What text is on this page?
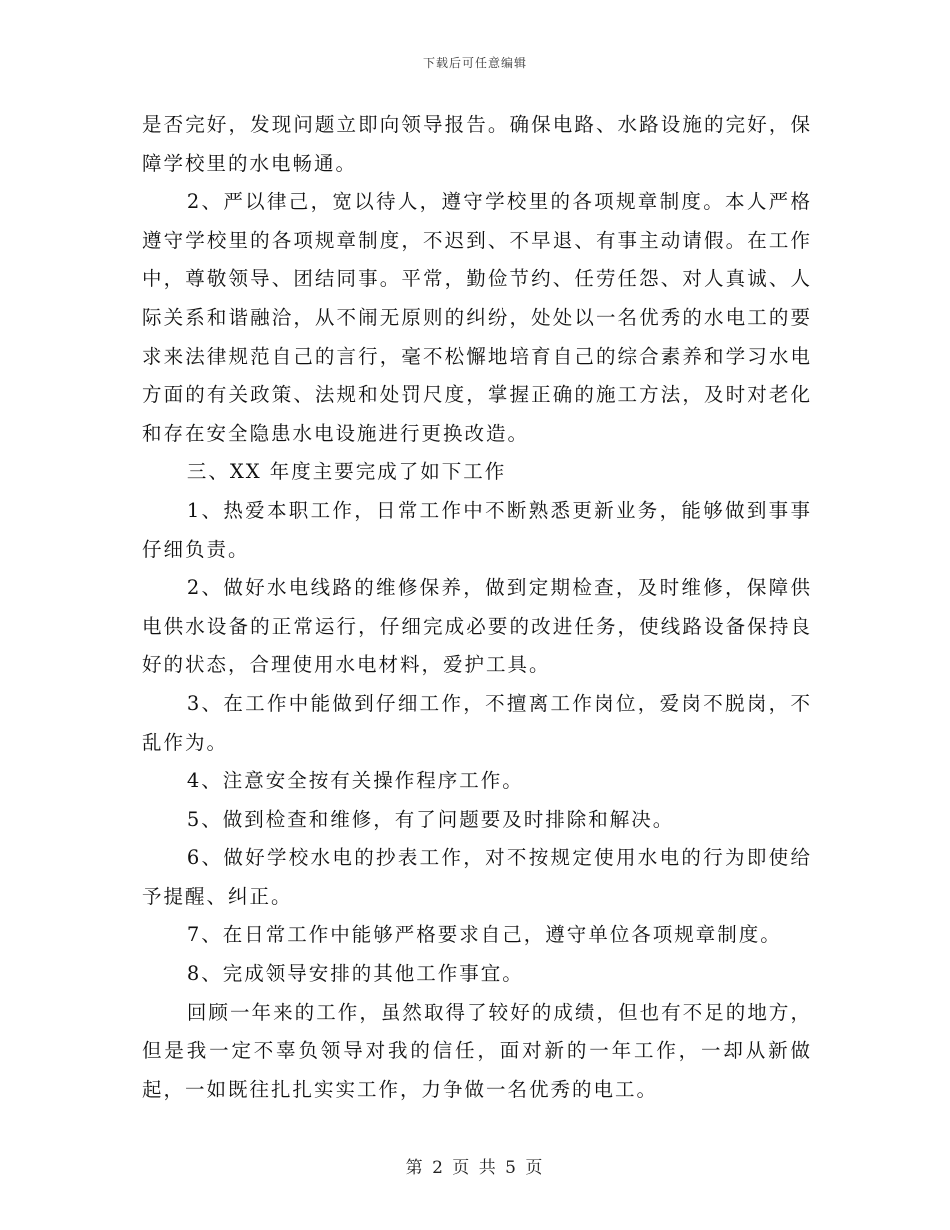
下载后可任意编辑

是否完好，发现问题立即向领导报告。确保电路、水路设施的完好，保障学校里的水电畅通。

2、严以律己，宽以待人，遵守学校里的各项规章制度。本人严格遵守学校里的各项规章制度，不迟到、不早退、有事主动请假。在工作中，尊敬领导、团结同事。平常，勤俭节约、任劳任怨、对人真诚、人际关系和谐融洽，从不闹无原则的纠纷，处处以一名优秀的水电工的要求来法律规范自己的言行，毫不松懈地培育自己的综合素养和学习水电方面的有关政策、法规和处罚尺度，掌握正确的施工方法，及时对老化和存在安全隐患水电设施进行更换改造。

三、XX 年度主要完成了如下工作

1、热爱本职工作，日常工作中不断熟悉更新业务，能够做到事事仔细负责。

2、做好水电线路的维修保养，做到定期检查，及时维修，保障供电供水设备的正常运行，仔细完成必要的改进任务，使线路设备保持良好的状态，合理使用水电材料，爱护工具。

3、在工作中能做到仔细工作，不擅离工作岗位，爱岗不脱岗，不乱作为。

4、注意安全按有关操作程序工作。

5、做到检查和维修，有了问题要及时排除和解决。

6、做好学校水电的抄表工作，对不按规定使用水电的行为即使给予提醒、纠正。

7、在日常工作中能够严格要求自己，遵守单位各项规章制度。

8、完成领导安排的其他工作事宜。

回顾一年来的工作，虽然取得了较好的成绩，但也有不足的地方，但是我一定不辜负领导对我的信任，面对新的一年工作，一却从新做起，一如既往扎扎实实工作，力争做一名优秀的电工。

第 2 页 共 5 页
